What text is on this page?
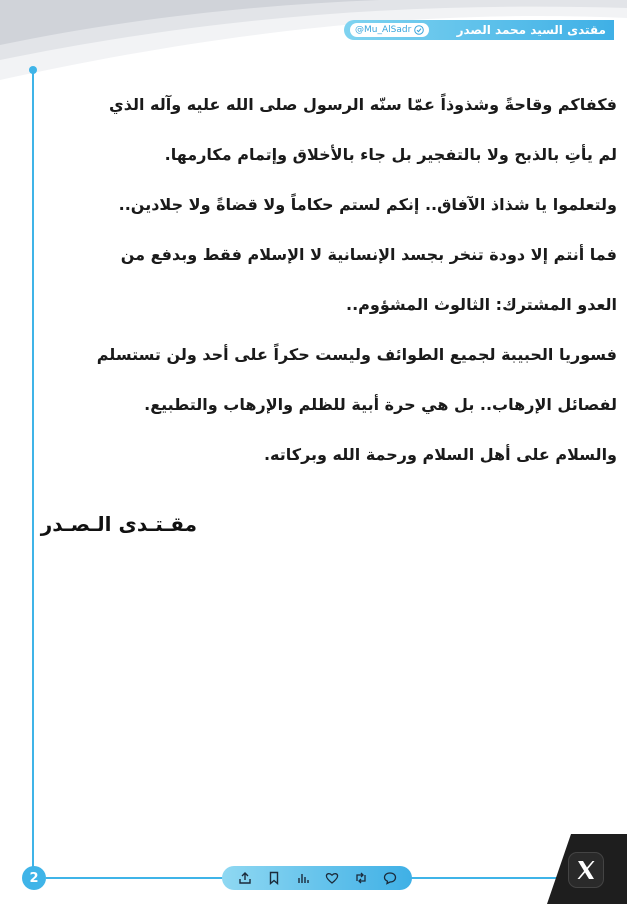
@Mu_AlSadr	مقتدى السيد محمد الصدر
فكفاكم وقاحةً وشذوذاً عمّا سنّه الرسول صلى الله عليه وآله الذي
لم يأتِ بالذبح ولا بالتفجير بل جاء بالأخلاق وإتمام مكارمها.
ولتعلموا يا شذاذ الآفاق.. إنكم لستم حكاماً ولا قضاةً ولا جلادين..
فما أنتم إلا دودة تنخر بجسد الإنسانية لا الإسلام فقط وبدفع من
العدو المشترك: الثالوث المشؤوم..
فسوريا الحبيبة لجميع الطوائف وليست حكراً على أحد ولن تستسلم
لفصائل الإرهاب.. بل هي حرة أبية للظلم والإرهاب والتطبيع.
والسلام على أهل السلام ورحمة الله وبركاته.
مقـتـدى الـصـدر
2
